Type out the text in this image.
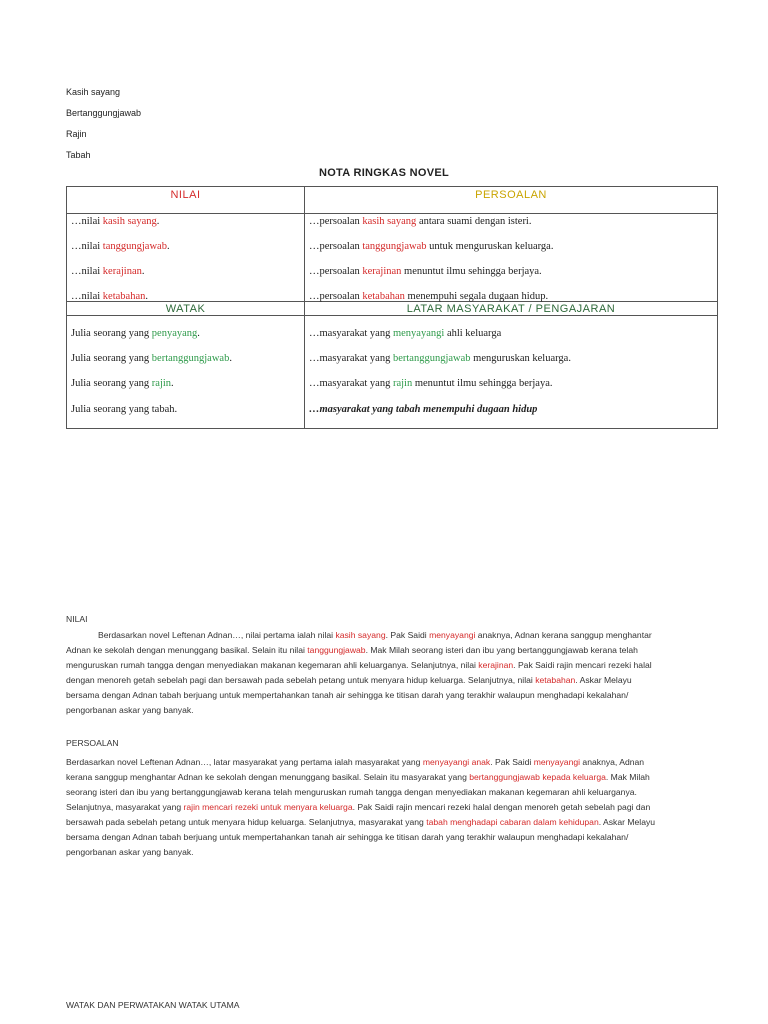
Kasih sayang
Bertanggungjawab
Rajin
Tabah
NOTA RINGKAS NOVEL
NILAI	PERSOALAN
WATAK	LATAR MASYARAKAT / PENGAJARAN
…nilai kasih sayang.
…nilai tanggungjawab.
…nilai kerajinan.
…nilai ketabahan.
…persoalan kasih sayang antara suami dengan isteri.
…persoalan tanggungjawab untuk menguruskan keluarga.
…persoalan kerajinan menuntut ilmu sehingga berjaya.
…persoalan ketabahan menempuhi segala dugaan hidup.
Julia seorang yang penyayang.
Julia seorang yang bertanggungjawab.
Julia seorang yang rajin.
Julia seorang yang tabah.
…masyarakat yang menyayangi ahli keluarga
…masyarakat yang bertanggungjawab menguruskan keluarga.
…masyarakat yang rajin menuntut ilmu sehingga berjaya.
…masyarakat yang tabah menempuhi dugaan hidup
NILAI
Berdasarkan novel Leftenan Adnan…, nilai pertama ialah nilai kasih sayang. Pak Saidi menyayangi anaknya, Adnan kerana sanggup menghantar
Adnan ke sekolah dengan menunggang basikal. Selain itu nilai tanggungjawab. Mak Milah seorang isteri dan ibu yang bertanggungjawab kerana telah
menguruskan rumah tangga dengan menyediakan makanan kegemaran ahli keluarganya. Selanjutnya, nilai kerajinan. Pak Saidi rajin mencari rezeki halal
dengan menoreh getah sebelah pagi dan bersawah pada sebelah petang untuk menyara hidup keluarga. Selanjutnya, nilai ketabahan. Askar Melayu
bersama dengan Adnan tabah berjuang untuk mempertahankan tanah air sehingga ke titisan darah yang terakhir walaupun menghadapi kekalahan/
pengorbanan askar yang banyak.
PERSOALAN
Berdasarkan novel Leftenan Adnan…, latar masyarakat yang pertama ialah masyarakat yang menyayangi anak. Pak Saidi menyayangi anaknya, Adnan
kerana sanggup menghantar Adnan ke sekolah dengan menunggang basikal. Selain itu masyarakat yang bertanggungjawab kepada keluarga. Mak Milah
seorang isteri dan ibu yang bertanggungjawab kerana telah menguruskan rumah tangga dengan menyediakan makanan kegemaran ahli keluarganya.
Selanjutnya, masyarakat yang rajin mencari rezeki untuk menyara keluarga. Pak Saidi rajin mencari rezeki halal dengan menoreh getah sebelah pagi dan
bersawah pada sebelah petang untuk menyara hidup keluarga. Selanjutnya, masyarakat yang tabah menghadapi cabaran dalam kehidupan. Askar Melayu
bersama dengan Adnan tabah berjuang untuk mempertahankan tanah air sehingga ke titisan darah yang terakhir walaupun menghadapi kekalahan/
pengorbanan askar yang banyak.
WATAK DAN PERWATAKAN WATAK UTAMA
